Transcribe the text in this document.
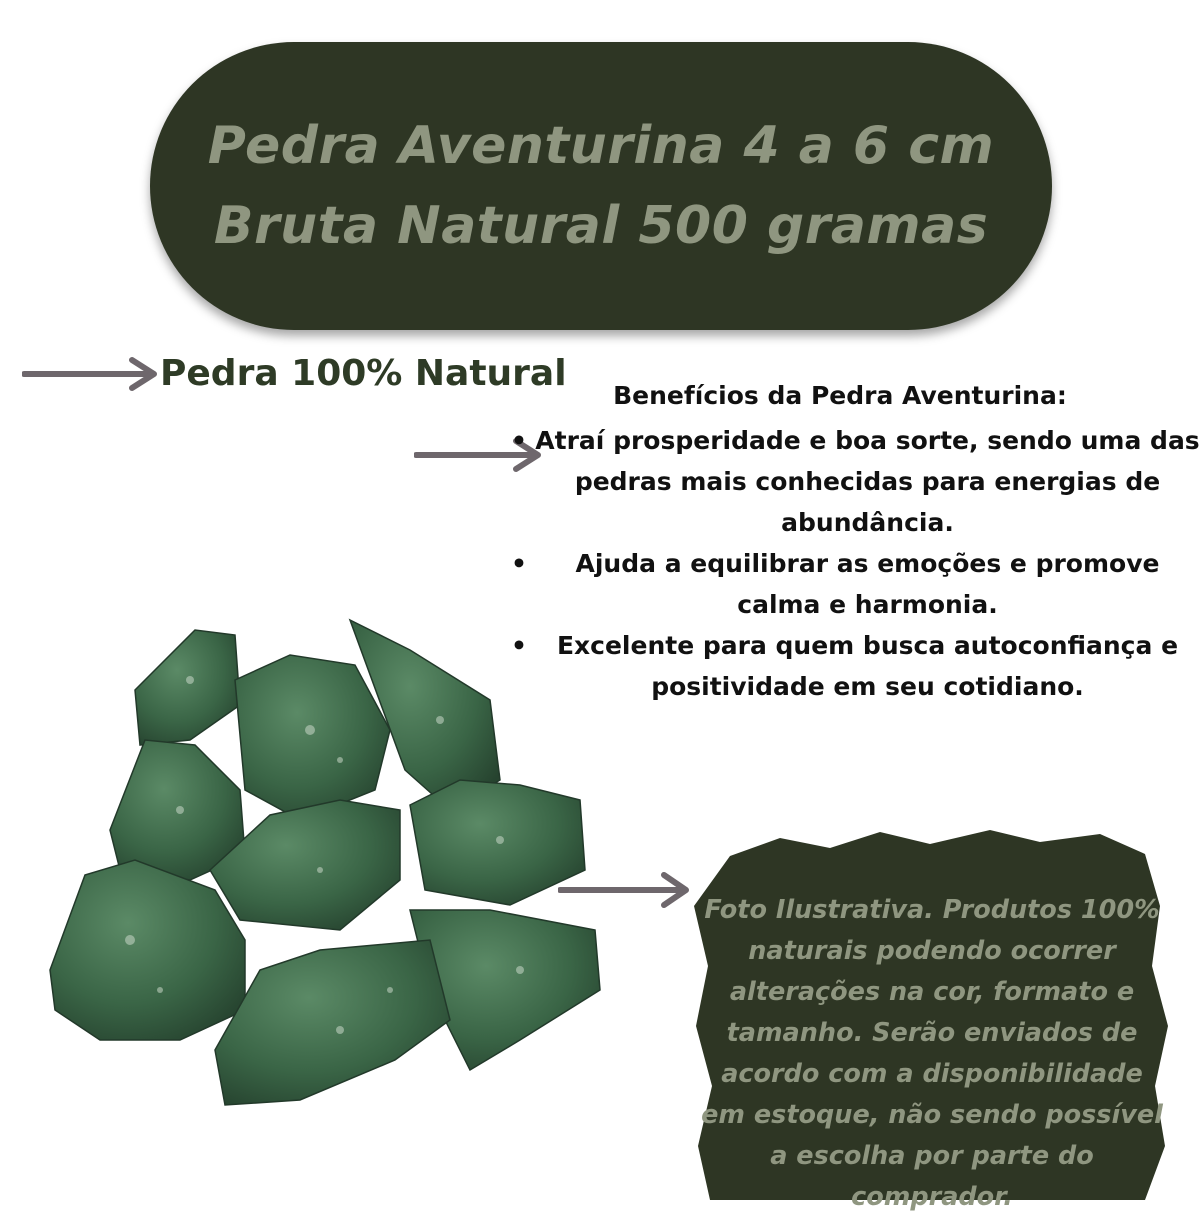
Pedra Aventurina 4 a 6 cm
Bruta Natural 500 gramas
Pedra 100% Natural
Benefícios da Pedra Aventurina:
• Atraí prosperidade e boa sorte, sendo uma das pedras mais conhecidas para energias de abundância.
• Ajuda a equilibrar as emoções e promove calma e harmonia.
• Excelente para quem busca autoconfiança e positividade em seu cotidiano.
Foto Ilustrativa. Produtos 100% naturais podendo ocorrer alterações na cor, formato e tamanho. Serão enviados de acordo com a disponibilidade em estoque, não sendo possível a escolha por parte do comprador.
